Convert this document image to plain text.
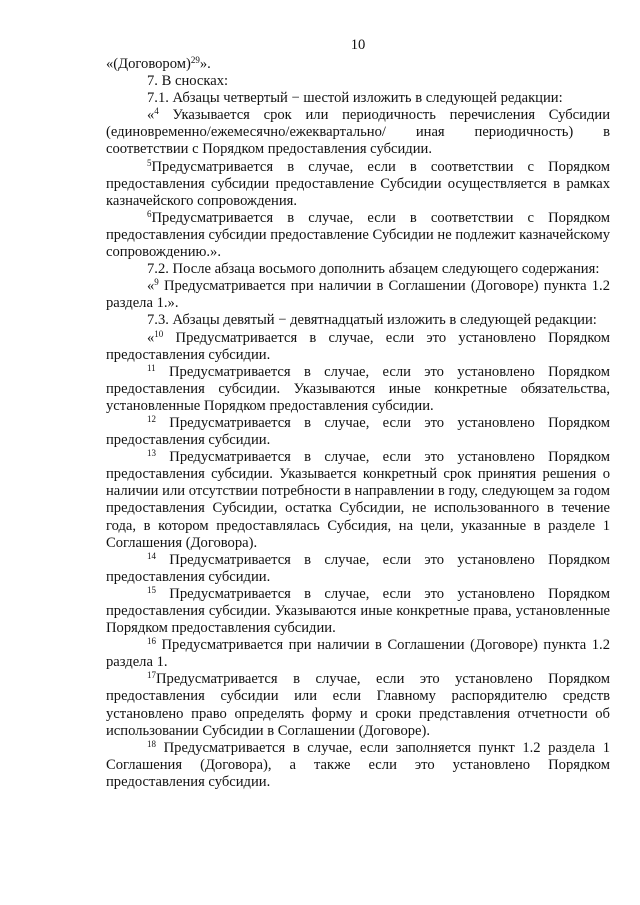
10

«(Договором)$^{29}$».

7. В сносках:

7.1. Абзацы четвертый − шестой изложить в следующей редакции:

«$^4$ Указывается срок или периодичность перечисления Субсидии (единовременно/ежемесячно/ежеквартально/ иная периодичность) в соответствии с Порядком предоставления субсидии.

$^5$Предусматривается в случае, если в соответствии с Порядком предоставления субсидии предоставление Субсидии осуществляется в рамках казначейского сопровождения.

$^6$Предусматривается в случае, если в соответствии с Порядком предоставления субсидии предоставление Субсидии не подлежит казначейскому сопровождению.».

7.2. После абзаца восьмого дополнить абзацем следующего содержания:

«$^9$ Предусматривается при наличии в Соглашении (Договоре) пункта 1.2 раздела 1.».

7.3. Абзацы девятый − девятнадцатый изложить в следующей редакции:

«$^{10}$ Предусматривается в случае, если это установлено Порядком предоставления субсидии.

$^{11}$ Предусматривается в случае, если это установлено Порядком предоставления субсидии. Указываются иные конкретные обязательства, установленные Порядком предоставления субсидии.

$^{12}$ Предусматривается в случае, если это установлено Порядком предоставления субсидии.

$^{13}$ Предусматривается в случае, если это установлено Порядком предоставления субсидии. Указывается конкретный срок принятия решения о наличии или отсутствии потребности в направлении в году, следующем за годом предоставления Субсидии, остатка Субсидии, не использованного в течение года, в котором предоставлялась Субсидия, на цели, указанные в разделе 1 Соглашения (Договора).

$^{14}$ Предусматривается в случае, если это установлено Порядком предоставления субсидии.

$^{15}$ Предусматривается в случае, если это установлено Порядком предоставления субсидии. Указываются иные конкретные права, установленные Порядком предоставления субсидии.

$^{16}$ Предусматривается при наличии в Соглашении (Договоре) пункта 1.2 раздела 1.

$^{17}$Предусматривается в случае, если это установлено Порядком предоставления субсидии или если Главному распорядителю средств установлено право определять форму и сроки представления отчетности об использовании Субсидии в Соглашении (Договоре).

$^{18}$ Предусматривается в случае, если заполняется пункт 1.2 раздела 1 Соглашения (Договора), а также если это установлено Порядком предоставления субсидии.
